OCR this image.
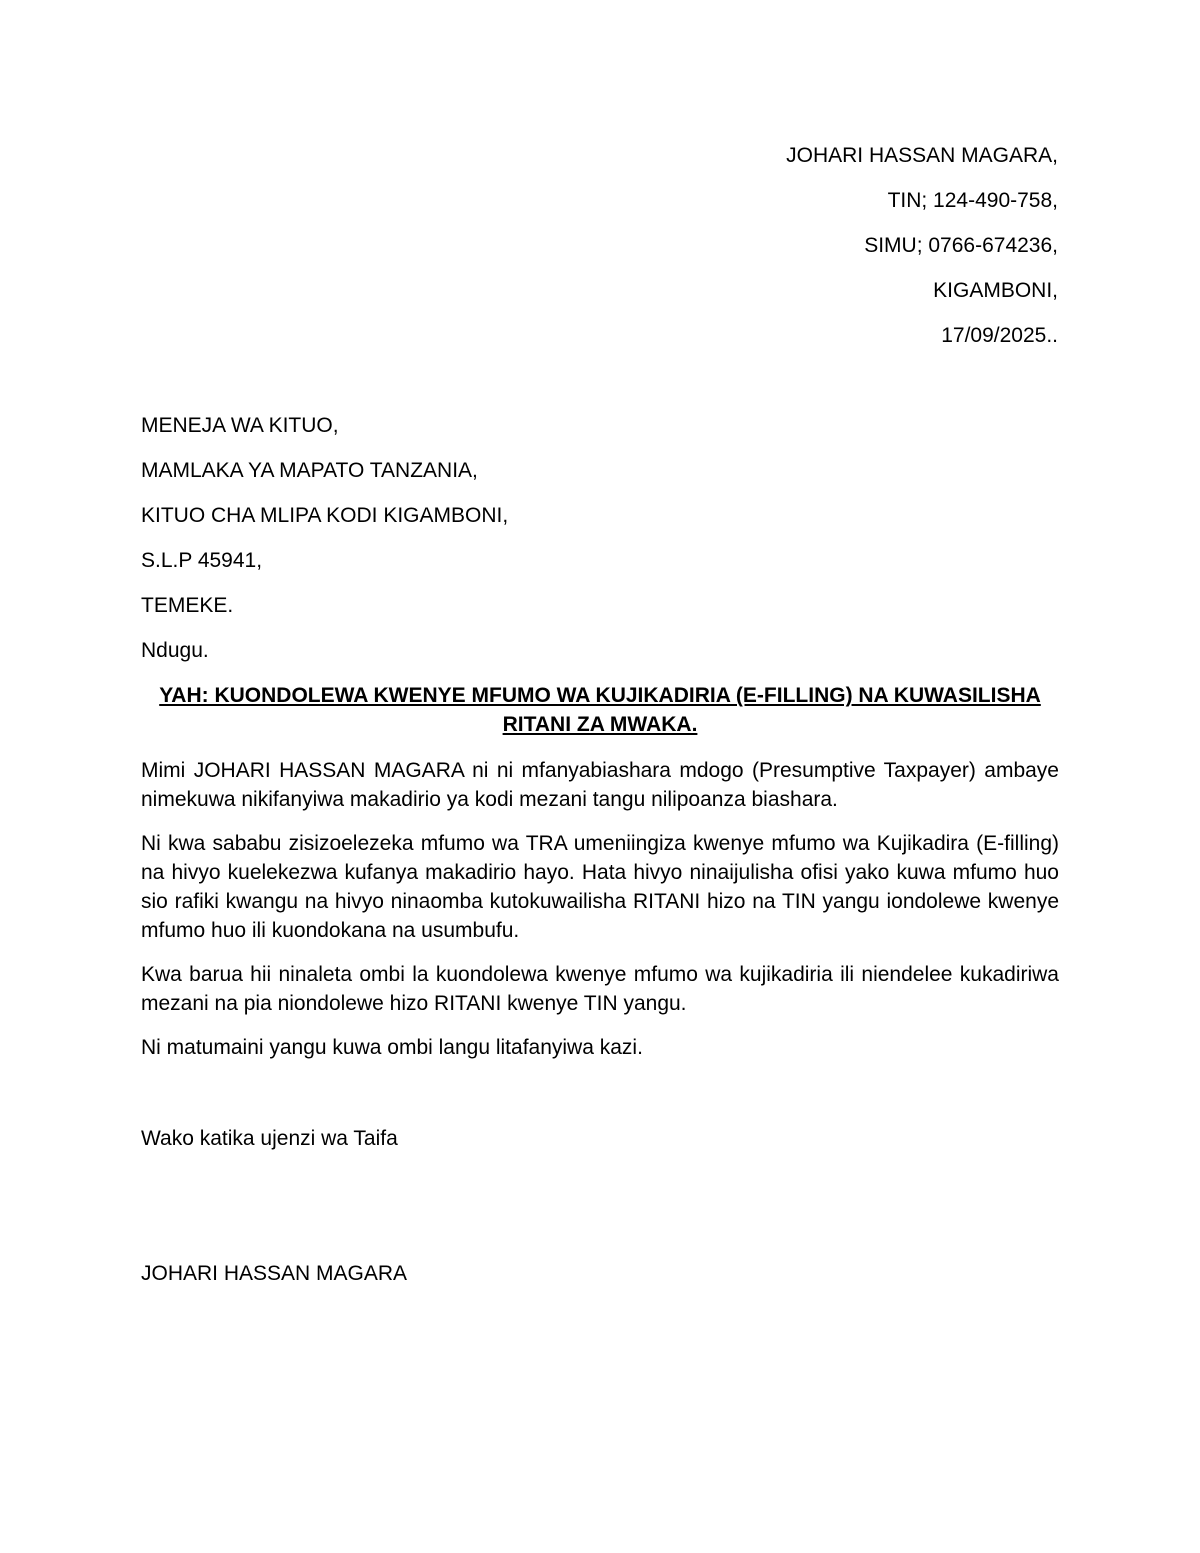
JOHARI HASSAN MAGARA,
TIN; 124-490-758,
SIMU; 0766-674236,
KIGAMBONI,
17/09/2025..
MENEJA WA KITUO,
MAMLAKA YA MAPATO TANZANIA,
KITUO CHA MLIPA KODI KIGAMBONI,
S.L.P 45941,
TEMEKE.
Ndugu.
YAH: KUONDOLEWA KWENYE MFUMO WA KUJIKADIRIA (E-FILLING) NA KUWASILISHA RITANI ZA MWAKA.

Mimi JOHARI HASSAN MAGARA ni ni mfanyabiashara mdogo (Presumptive Taxpayer) ambaye nimekuwa nikifanyiwa makadirio ya kodi mezani tangu nilipoanza biashara.

Ni kwa sababu zisizoelezeka mfumo wa TRA umeniingiza kwenye mfumo wa Kujikadira (E-filling) na hivyo kuelekezwa kufanya makadirio hayo. Hata hivyo ninaijulisha ofisi yako kuwa mfumo huo sio rafiki kwangu na hivyo ninaomba kutokuwailisha RITANI hizo na TIN yangu iondolewe kwenye mfumo huo ili kuondokana na usumbufu.

Kwa barua hii ninaleta ombi la kuondolewa kwenye mfumo wa kujikadiria ili niendelee kukadiriwa mezani na pia niondolewe hizo RITANI kwenye TIN yangu.

Ni matumaini yangu kuwa ombi langu litafanyiwa kazi.

Wako katika ujenzi wa Taifa
JOHARI HASSAN MAGARA
